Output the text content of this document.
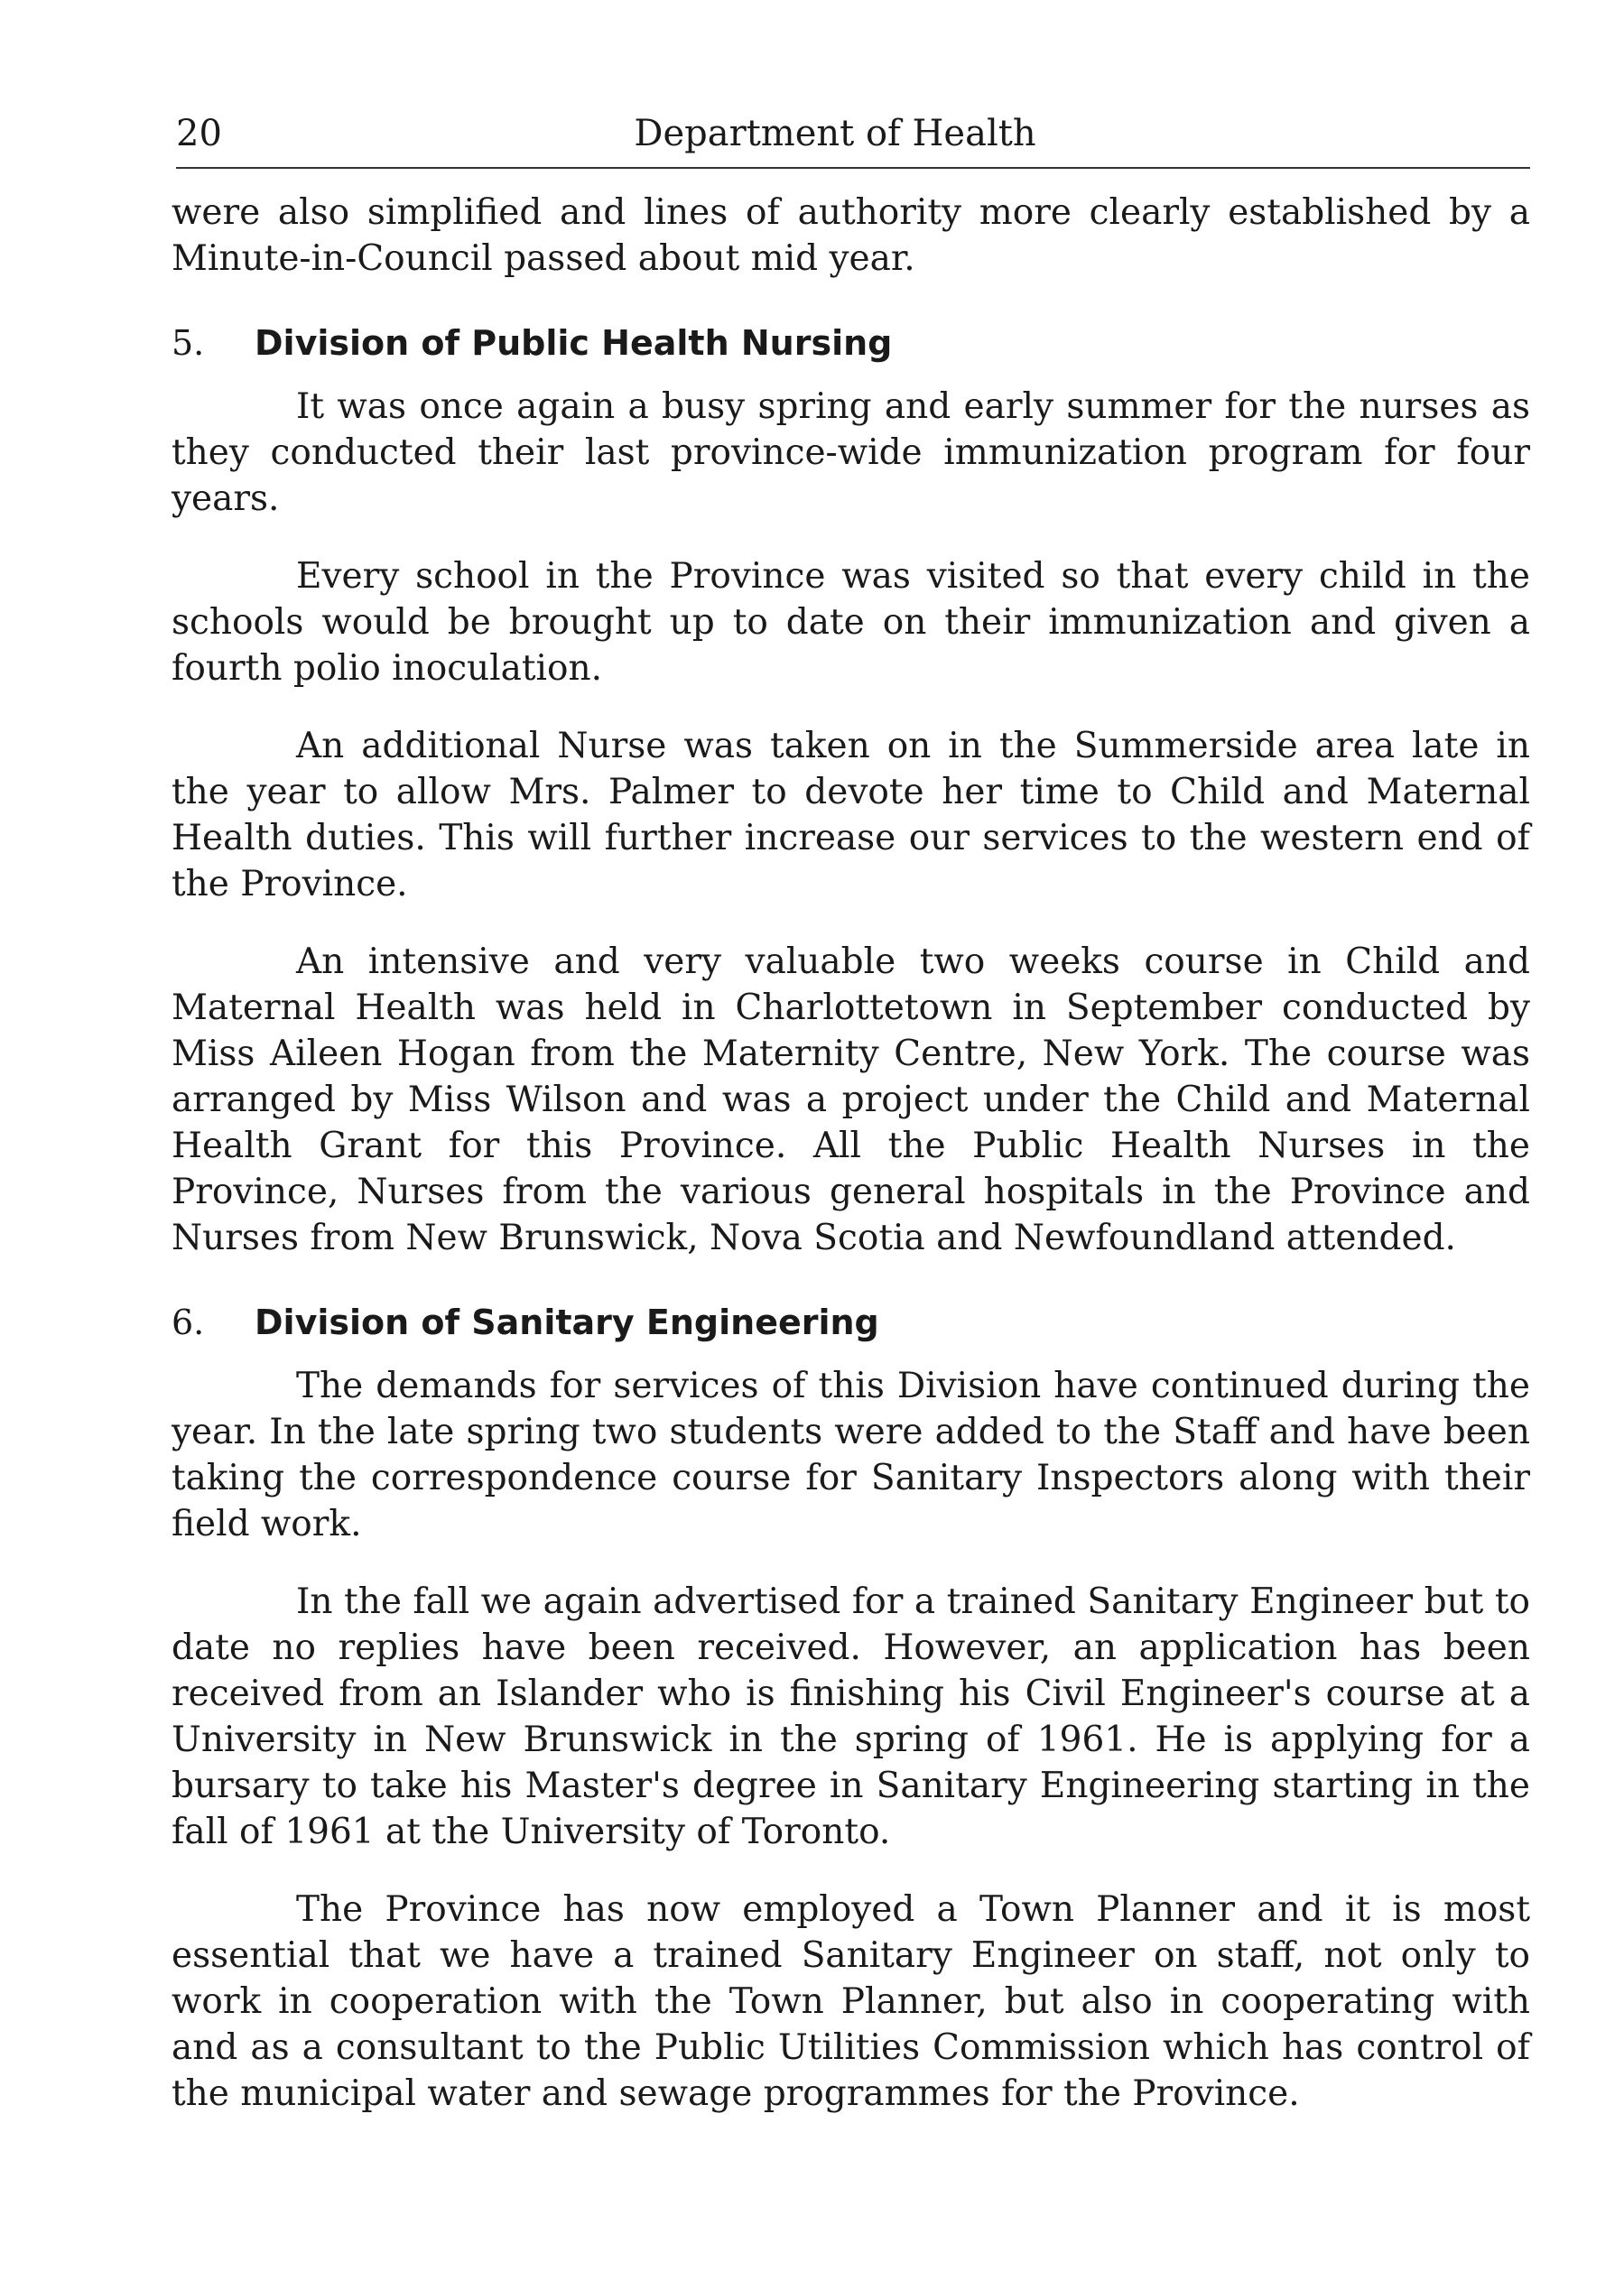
20	Department of Health

were also simplified and lines of authority more clearly established by a Minute-in-Council passed about mid year.

5. Division of Public Health Nursing

It was once again a busy spring and early summer for the nurses as they conducted their last province-wide immunization program for four years.

Every school in the Province was visited so that every child in the schools would be brought up to date on their immunization and given a fourth polio inoculation.

An additional Nurse was taken on in the Summerside area late in the year to allow Mrs. Palmer to devote her time to Child and Maternal Health duties. This will further increase our services to the western end of the Province.

An intensive and very valuable two weeks course in Child and Maternal Health was held in Charlottetown in September conducted by Miss Aileen Hogan from the Maternity Centre, New York. The course was arranged by Miss Wilson and was a project under the Child and Maternal Health Grant for this Province. All the Public Health Nurses in the Province, Nurses from the various general hospitals in the Province and Nurses from New Brunswick, Nova Scotia and Newfoundland attended.

6. Division of Sanitary Engineering

The demands for services of this Division have continued during the year. In the late spring two students were added to the Staff and have been taking the correspondence course for Sanitary Inspectors along with their field work.

In the fall we again advertised for a trained Sanitary Engineer but to date no replies have been received. However, an application has been received from an Islander who is finishing his Civil Engineer's course at a University in New Brunswick in the spring of 1961. He is applying for a bursary to take his Master's degree in Sanitary Engineering starting in the fall of 1961 at the University of Toronto.

The Province has now employed a Town Planner and it is most essential that we have a trained Sanitary Engineer on staff, not only to work in cooperation with the Town Planner, but also in cooperating with and as a consultant to the Public Utilities Commission which has control of the municipal water and sewage programmes for the Province.
